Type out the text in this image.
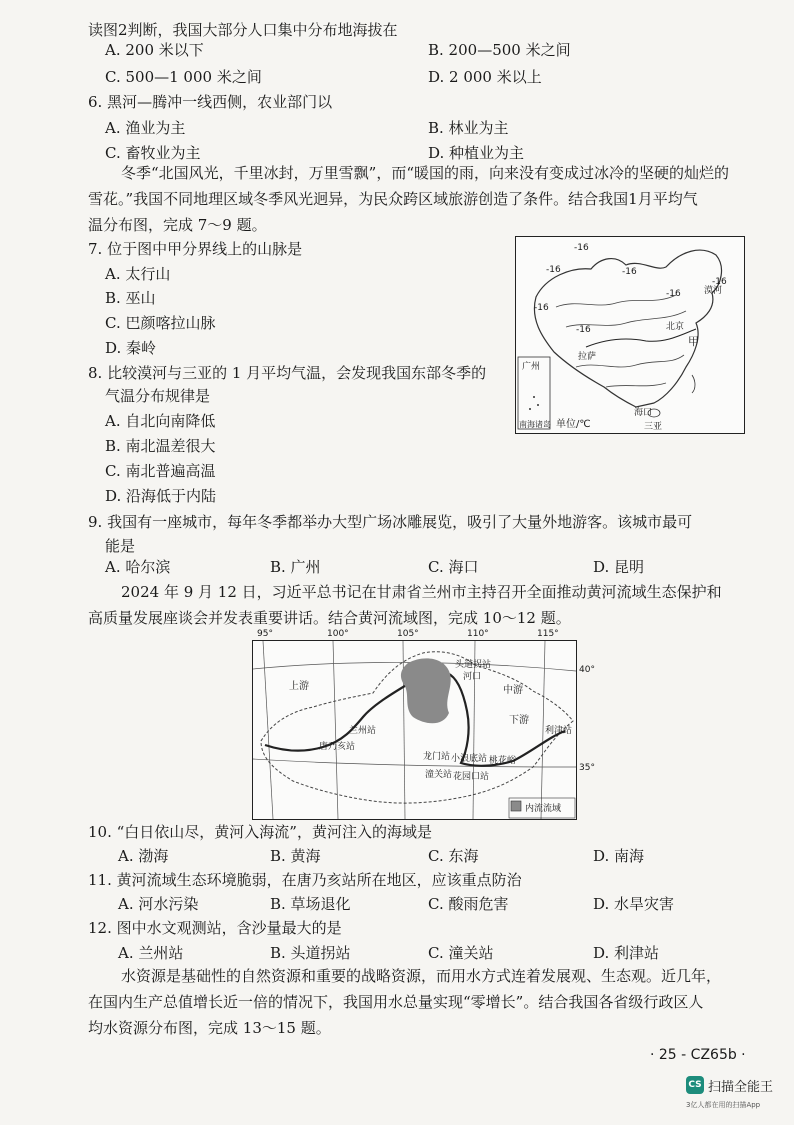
读图2判断，我国大部分人口集中分布地海拔在
A. 200 米以下	B. 200—500 米之间
C. 500—1 000 米之间	D. 2 000 米以上
6. 黑河—腾冲一线西侧，农业部门以
A. 渔业为主	B. 林业为主
C. 畜牧业为主	D. 种植业为主
冬季“北国风光，千里冰封，万里雪飘”，而“暖国的雨，向来没有变成过冰冷的坚硬的灿烂的
雪花。”我国不同地理区域冬季风光迥异，为民众跨区域旅游创造了条件。结合我国1月平均气
温分布图，完成 7～9 题。
7. 位于图中甲分界线上的山脉是
A. 太行山
B. 巫山
C. 巴颜喀拉山脉
D. 秦岭
8. 比较漠河与三亚的 1 月平均气温，会发现我国东部冬季的
气温分布规律是
A. 自北向南降低
B. 南北温差很大
C. 南北普遍高温
D. 沿海低于内陆
-16
-16	-16
-16
-16
-16
-16
漠河
北京
拉萨
广州
甲
海口
三亚
南海诸岛 单位/℃
9. 我国有一座城市，每年冬季都举办大型广场冰雕展览，吸引了大量外地游客。该城市最可
能是
A. 哈尔滨	B. 广州	C. 海口	D. 昆明
2024 年 9 月 12 日，习近平总书记在甘肃省兰州市主持召开全面推动黄河流域生态保护和
高质量发展座谈会并发表重要讲话。结合黄河流域图，完成 10～12 题。
95°	100°	105°	110°	115°
40°
35°
上游	中游
下游
兰州站
唐乃亥站
头道拐站
河口
龙门站 小浪底站
潼关站 花园口站
桃花峪
利津站
内流流域
10. “白日依山尽，黄河入海流”，黄河注入的海域是
A. 渤海	B. 黄海	C. 东海	D. 南海
11. 黄河流域生态环境脆弱，在唐乃亥站所在地区，应该重点防治
A. 河水污染	B. 草场退化	C. 酸雨危害	D. 水旱灾害
12. 图中水文观测站，含沙量最大的是
A. 兰州站	B. 头道拐站	C. 潼关站	D. 利津站
水资源是基础性的自然资源和重要的战略资源，而用水方式连着发展观、生态观。近几年，
在国内生产总值增长近一倍的情况下，我国用水总量实现“零增长”。结合我国各省级行政区人
均水资源分布图，完成 13～15 题。
· 25 - CZ65b ·
CS 扫描全能王
3亿人都在用的扫描App
